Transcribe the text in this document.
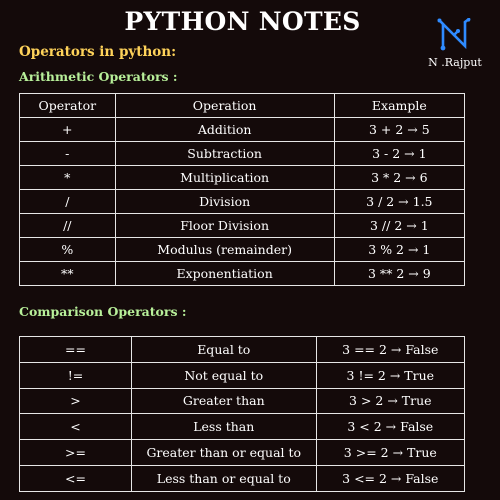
PYTHON NOTES
N .Rajput
Operators in python:
Arithmetic Operators :
Operator	Operation	Example
+	Addition	3 + 2 → 5
-	Subtraction	3 - 2 → 1
*	Multiplication	3 * 2 → 6
/	Division	3 / 2 → 1.5
//	Floor Division	3 // 2 → 1
%	Modulus (remainder)	3 % 2 → 1
**	Exponentiation	3 ** 2 → 9
Comparison Operators :
==	Equal to	3 == 2 → False
!=	Not equal to	3 != 2 → True
>	Greater than	3 > 2 → True
<	Less than	3 < 2 → False
>=	Greater than or equal to	3 >= 2 → True
<=	Less than or equal to	3 <= 2 → False
